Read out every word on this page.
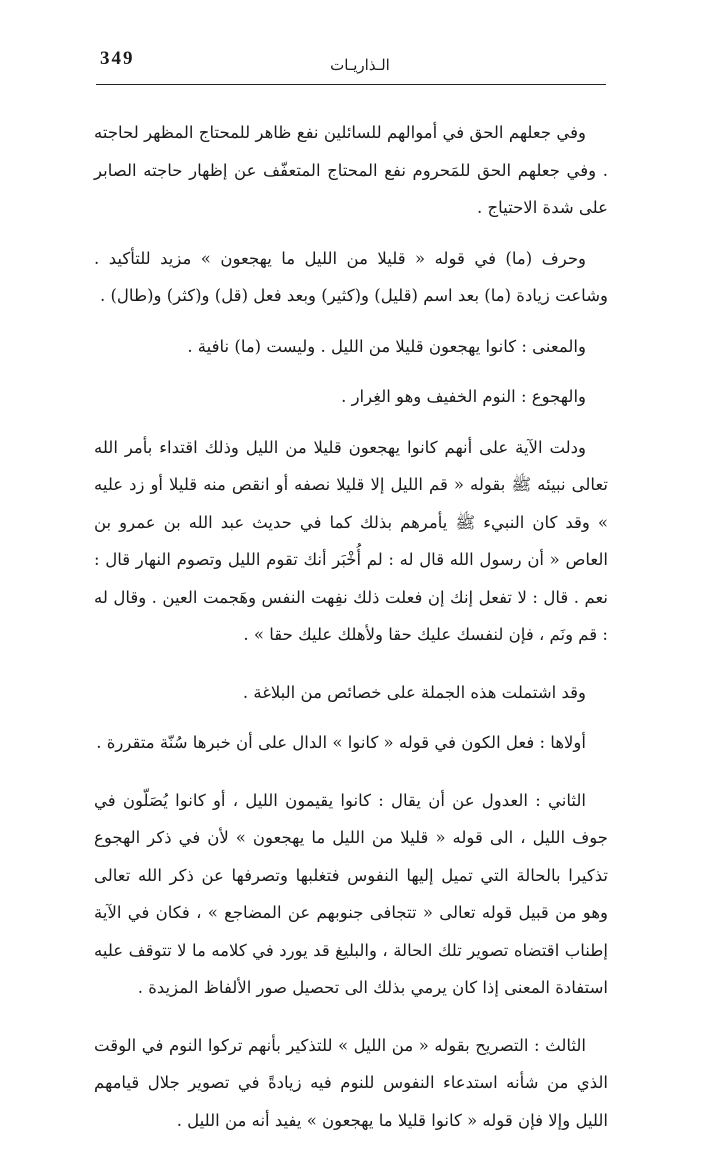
349	الـذاريـات

وفي جعلهم الحق في أموالهم للسائلين نفع ظاهر للمحتاج المظهر لحاجته . وفي جعلهم الحق للمَحروم نفع المحتاج المتعفّف عن إظهار حاجته الصابر على شدة الاحتياج .

وحرف (ما) في قوله « قليلا من الليل ما يهجعون » مزيد للتأكيد . وشاعت زيادة (ما) بعد اسم (قليل) و(كثير) وبعد فعل (قل) و(كثر) و(طال) .

والمعنى : كانوا يهجعون قليلا من الليل . وليست (ما) نافية .

والهجوع : النوم الخفيف وهو الغِرار .

ودلت الآية على أنهم كانوا يهجعون قليلا من الليل وذلك اقتداء بأمر الله تعالى نبيئه ﷺ بقوله « قم الليل إلا قليلا نصفه أو انقص منه قليلا أو زد عليه » وقد كان النبيء ﷺ يأمرهم بذلك كما في حديث عبد الله بن عمرو بن العاص « أن رسول الله قال له : لم أُخْبَر أنك تقوم الليل وتصوم النهار قال : نعم . قال : لا تفعل إنك إن فعلت ذلك نفِهت النفس وهَجمت العين . وقال له : قم ونَم ، فإن لنفسك عليك حقا ولأهلك عليك حقا » .

وقد اشتملت هذه الجملة على خصائص من البلاغة .

أولاها : فعل الكون في قوله « كانوا » الدال على أن خبرها سُنّة متقررة .

الثاني : العدول عن أن يقال : كانوا يقيمون الليل ، أو كانوا يُصَلّون في جوف الليل ، الى قوله « قليلا من الليل ما يهجعون » لأن في ذكر الهجوع تذكيرا بالحالة التي تميل إليها النفوس فتغلبها وتصرفها عن ذكر الله تعالى وهو من قبيل قوله تعالى « تتجافى جنوبهم عن المضاجع » ، فكان في الآية إطناب اقتضاه تصوير تلك الحالة ، والبليغ قد يورد في كلامه ما لا تتوقف عليه استفادة المعنى إذا كان يرمي بذلك الى تحصيل صور الألفاظ المزيدة .

الثالث : التصريح بقوله « من الليل » للتذكير بأنهم تركوا النوم في الوقت الذي من شأنه استدعاء النفوس للنوم فيه زيادةً في تصوير جلال قيامهم الليل وإلا فإن قوله « كانوا قليلا ما يهجعون » يفيد أنه من الليل .
